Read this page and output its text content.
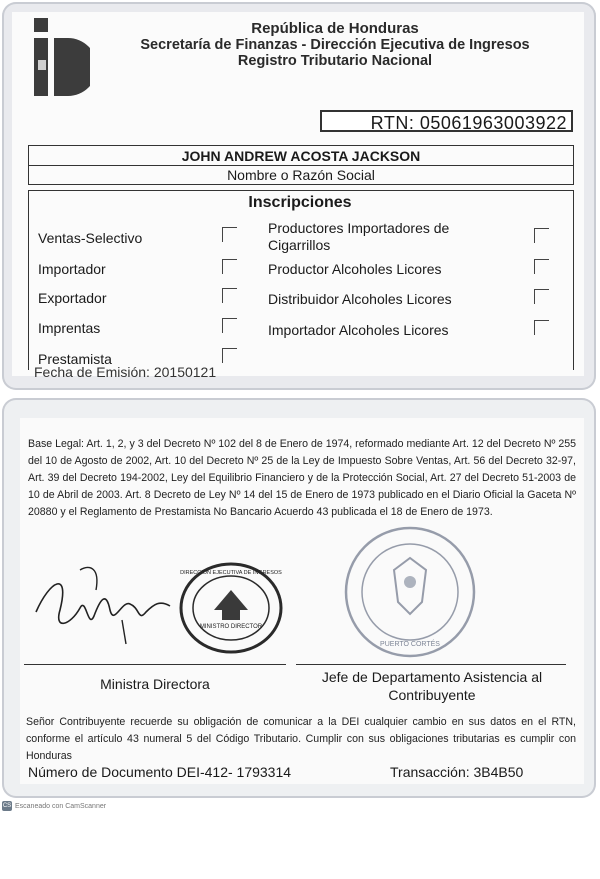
República de Honduras
Secretaría de Finanzas - Dirección Ejecutiva de Ingresos
Registro Tributario Nacional
RTN: 05061963003922
JOHN ANDREW ACOSTA JACKSON
Nombre o Razón Social
Inscripciones
Ventas-Selectivo
Importador
Exportador
Imprentas
Prestamista
Productores Importadores de Cigarrillos
Productor Alcoholes Licores
Distribuidor Alcoholes Licores
Importador Alcoholes Licores
Fecha de Emisión: 20150121
Base Legal: Art. 1, 2, y 3 del Decreto Nº 102 del 8 de Enero de 1974, reformado mediante Art. 12 del Decreto Nº 255 del 10 de Agosto de 2002, Art. 10 del Decreto Nº 25 de la Ley de Impuesto Sobre Ventas, Art. 56 del Decreto 32-97, Art. 39 del Decreto 194-2002, Ley del Equilibrio Financiero y de la Protección Social, Art. 27 del Decreto 51-2003 de 10 de Abril de 2003. Art. 8 Decreto de Ley Nº 14 del 15 de Enero de 1973 publicado en el Diario Oficial la Gaceta Nº 20880 y el Reglamento de Prestamista No Bancario Acuerdo 43 publicada el 18 de Enero de 1973.
MINISTRO DIRECTOR
DIRECCIÓN EJECUTIVA DE INGRESOS
PUERTO CORTÉS
Ministra Directora	Jefe de Departamento Asistencia al Contribuyente
Señor Contribuyente recuerde su obligación de comunicar a la DEI cualquier cambio en sus datos en el RTN, conforme el artículo 43 numeral 5 del Código Tributario. Cumplir con sus obligaciones tributarias es cumplir con Honduras
Número de Documento DEI-412- 1793314	Transacción: 3B4B50
CS Escaneado con CamScanner
